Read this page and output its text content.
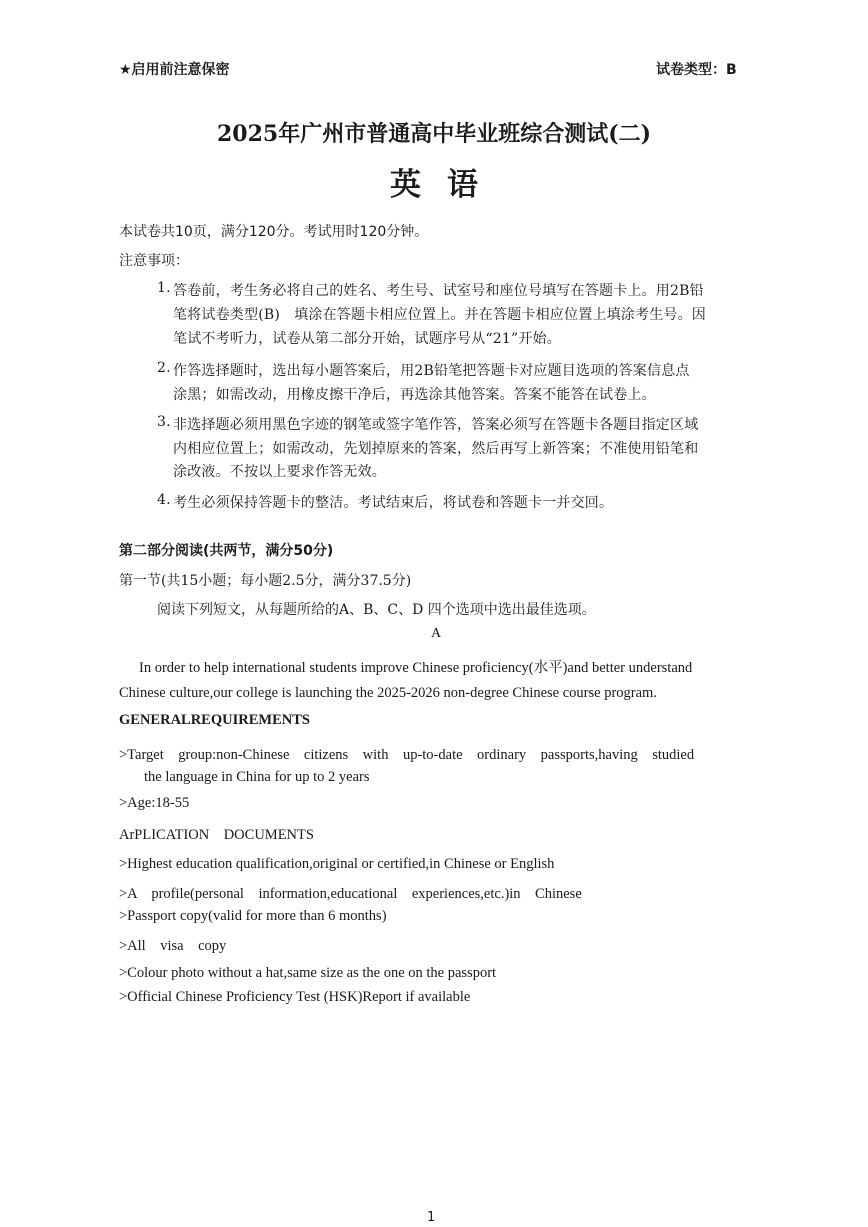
★启用前注意保密	试卷类型：B
2025年广州市普通高中毕业班综合测试(二)
英语
本试卷共10页，满分120分。考试用时120分钟。
注意事项：
1. 答卷前，考生务必将自己的姓名、考生号、试室号和座位号填写在答题卡上。用2B铅
笔将试卷类型(B)　填涂在答题卡相应位置上。并在答题卡相应位置上填涂考生号。因
笔试不考听力，试卷从第二部分开始，试题序号从“21”开始。
2. 作答选择题时，选出每小题答案后，用2B铅笔把答题卡对应题目选项的答案信息点
涂黑；如需改动，用橡皮擦干净后，再选涂其他答案。答案不能答在试卷上。
3. 非选择题必须用黑色字迹的钢笔或签字笔作答，答案必须写在答题卡各题目指定区域
内相应位置上；如需改动，先划掉原来的答案，然后再写上新答案；不准使用铅笔和
涂改液。不按以上要求作答无效。
4. 考生必须保持答题卡的整洁。考试结束后，将试卷和答题卡一并交回。
第二部分阅读(共两节，满分50分)
第一节(共15小题；每小题2.5分，满分37.5分)
阅读下列短文，从每题所给的A、B、C、D 四个选项中选出最佳选项。
A
In order to help international students improve Chinese proficiency(水平)and better understand
Chinese culture,our college is launching the 2025-2026 non-degree Chinese course program.
GENERALREQUIREMENTS
>Target　group:non-Chinese　citizens　with　up-to-date　ordinary　passports,having　studied
the language in China for up to 2 years
>Age:18-55
ArPLICATION　DOCUMENTS
>Highest education qualification,original or certified,in Chinese or English
>A　profile(personal　information,educational　experiences,etc.)in　Chinese
>Passport copy(valid for more than 6 months)
>All　visa　copy
>Colour photo without a hat,same size as the one on the passport
>Official Chinese Proficiency Test (HSK)Report if available
1
